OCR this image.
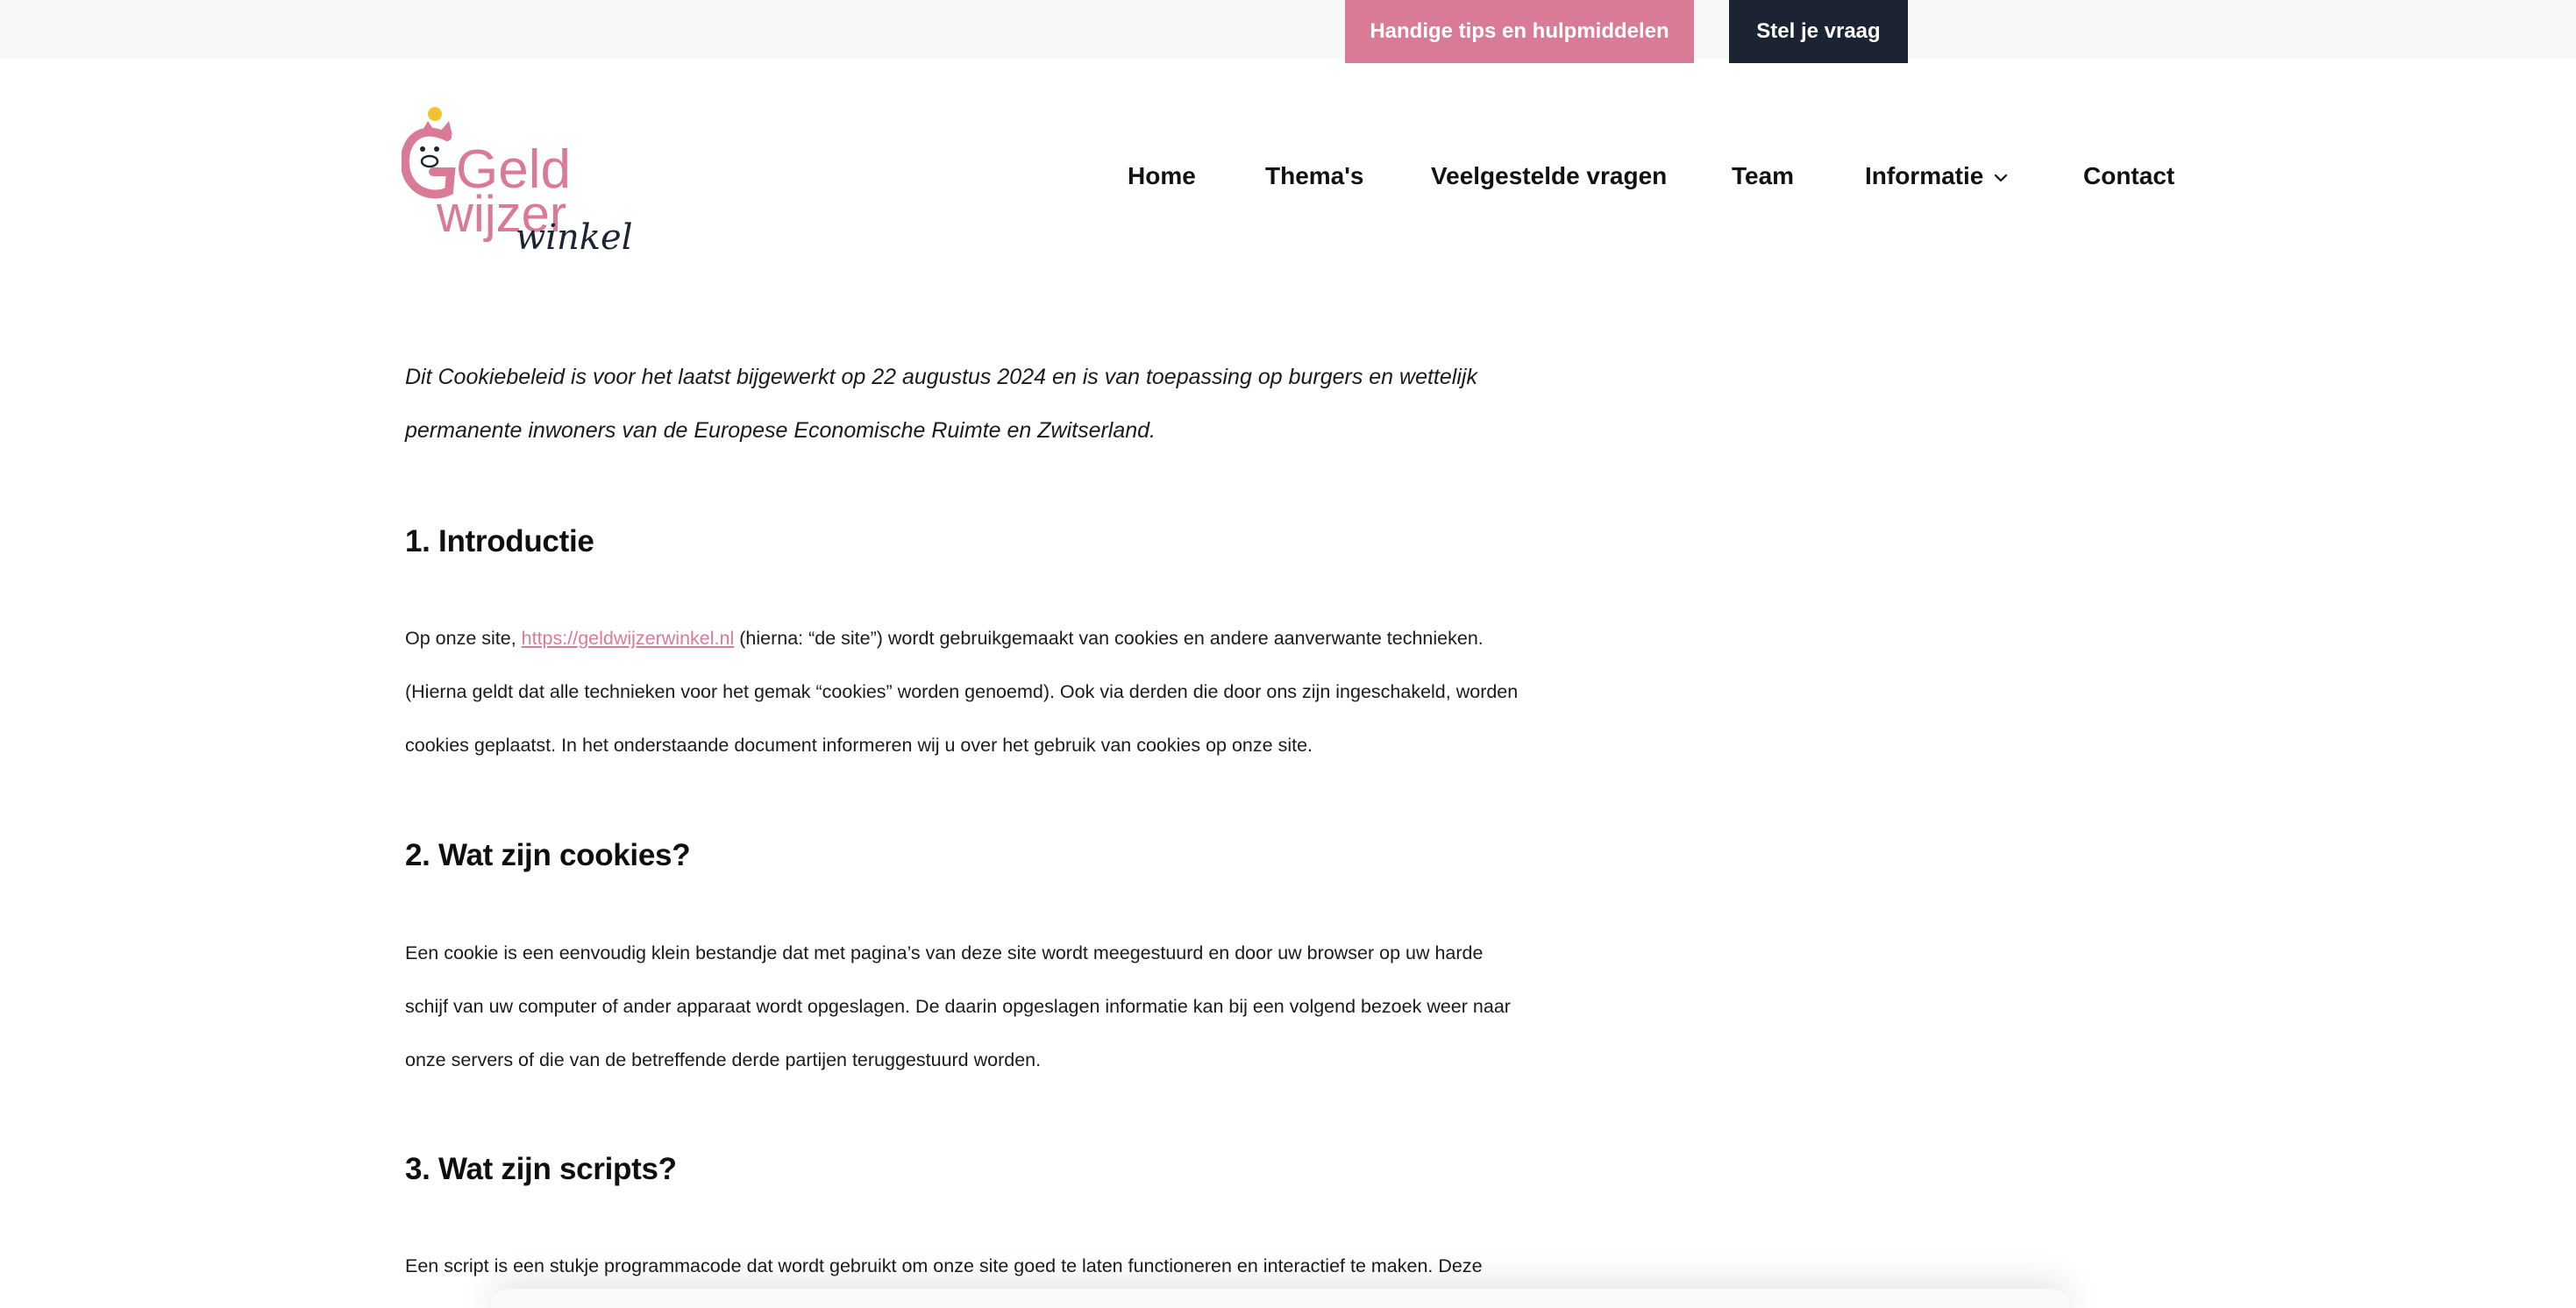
Handige tips en hulpmiddelen	Stel je vraag
Geld
wijzer
winkel
Home	Thema's	Veelgestelde vragen	Team	Informatie	Contact
Dit Cookiebeleid is voor het laatst bijgewerkt op 22 augustus 2024 en is van toepassing op burgers en wettelijk
permanente inwoners van de Europese Economische Ruimte en Zwitserland.
1. Introductie
Op onze site, https://geldwijzerwinkel.nl (hierna: “de site”) wordt gebruikgemaakt van cookies en andere aanverwante technieken.
(Hierna geldt dat alle technieken voor het gemak “cookies” worden genoemd). Ook via derden die door ons zijn ingeschakeld, worden
cookies geplaatst. In het onderstaande document informeren wij u over het gebruik van cookies op onze site.
2. Wat zijn cookies?
Een cookie is een eenvoudig klein bestandje dat met pagina’s van deze site wordt meegestuurd en door uw browser op uw harde
schijf van uw computer of ander apparaat wordt opgeslagen. De daarin opgeslagen informatie kan bij een volgend bezoek weer naar
onze servers of die van de betreffende derde partijen teruggestuurd worden.
3. Wat zijn scripts?
Een script is een stukje programmacode dat wordt gebruikt om onze site goed te laten functioneren en interactief te maken. Deze
